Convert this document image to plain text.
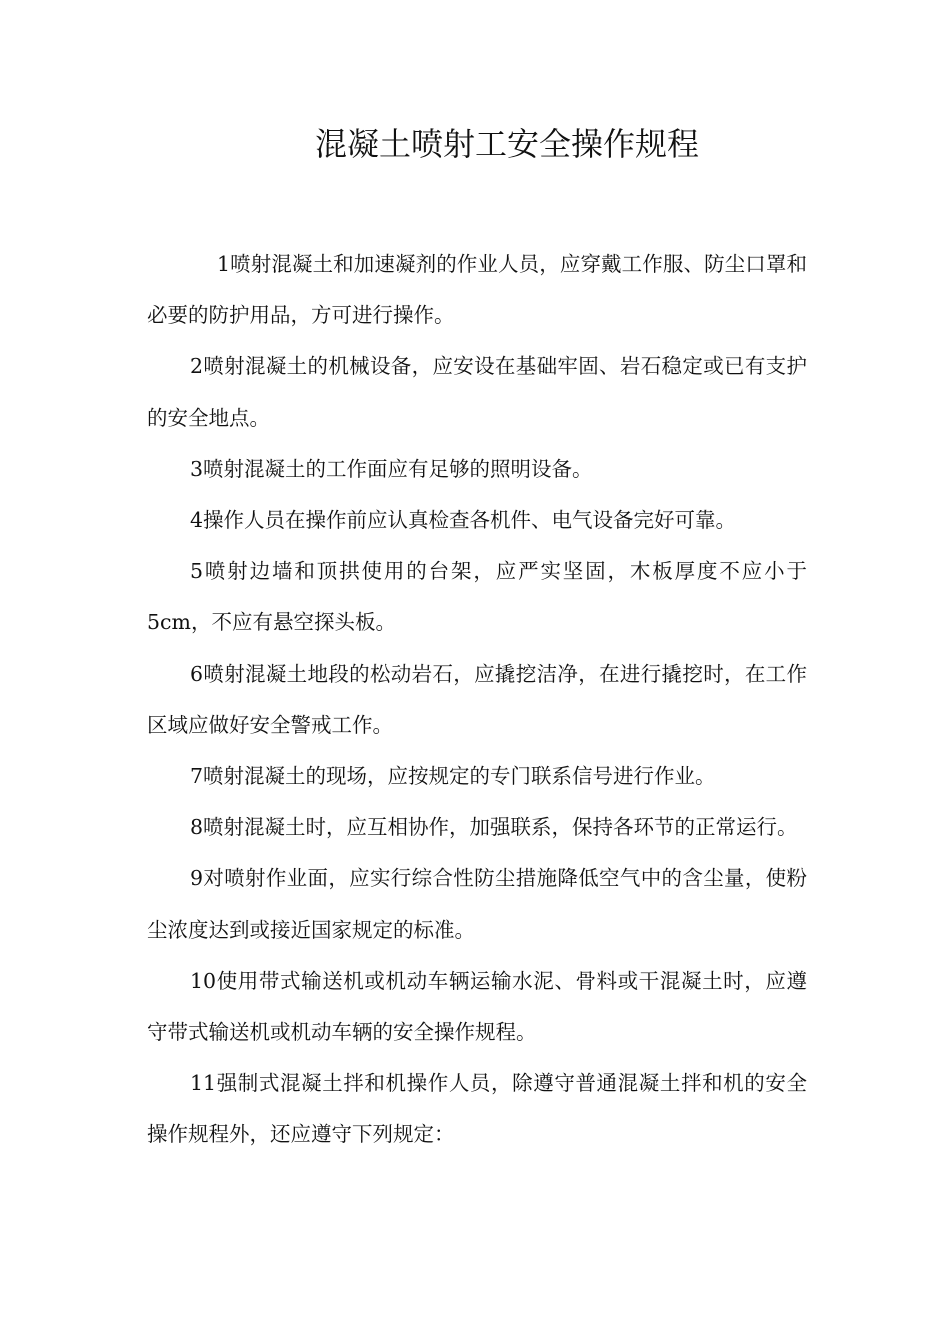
混凝土喷射工安全操作规程

1喷射混凝土和加速凝剂的作业人员，应穿戴工作服、防尘口罩和必要的防护用品，方可进行操作。

2喷射混凝土的机械设备，应安设在基础牢固、岩石稳定或已有支护的安全地点。

3喷射混凝土的工作面应有足够的照明设备。

4操作人员在操作前应认真检查各机件、电气设备完好可靠。

5喷射边墙和顶拱使用的台架，应严实坚固，木板厚度不应小于5cm，不应有悬空探头板。

6喷射混凝土地段的松动岩石，应撬挖洁净，在进行撬挖时，在工作区域应做好安全警戒工作。

7喷射混凝土的现场，应按规定的专门联系信号进行作业。

8喷射混凝土时，应互相协作，加强联系，保持各环节的正常运行。

9对喷射作业面，应实行综合性防尘措施降低空气中的含尘量，使粉尘浓度达到或接近国家规定的标准。

10使用带式输送机或机动车辆运输水泥、骨料或干混凝土时，应遵守带式输送机或机动车辆的安全操作规程。

11强制式混凝土拌和机操作人员，除遵守普通混凝土拌和机的安全操作规程外，还应遵守下列规定：
